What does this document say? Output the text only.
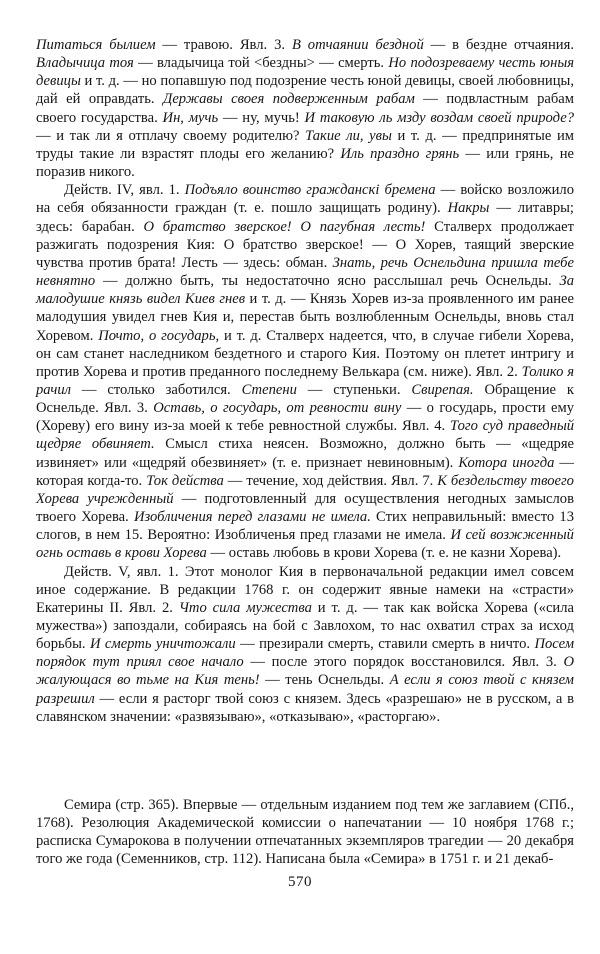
Питаться былием — травою. Явл. 3. В отчаянии бездной — в бездне отчаяния. Владычица тоя — владычица той <бездны> — смерть. Но подозреваему честь юныя девицы и т. д. — но попавшую под подозрение честь юной девицы, своей любовницы, дай ей оправдать. Державы своея подверженным рабам — подвластным рабам своего государства. Ин, мучь — ну, мучь! И таковую ль мзду воздам своей природе? — и так ли я отплачу своему родителю? Такие ли, увы и т. д. — предпринятые им труды такие ли взрастят плоды его желанию? Иль праздно грянь — или грянь, не поразив никого.

Действ. IV, явл. 1. Подъяло воинство гражданскі бремена — войско возложило на себя обязанности граждан (т. е. пошло защищать родину). Накры — литавры; здесь: барабан. О братство зверское! О пагубная лесть! Сталверх продолжает разжигать подозрения Кия: О братство зверское! — О Хорев, таящий зверские чувства против брата! Лесть — здесь: обман. Знать, речь Оснельдина пришла тебе невнятно — должно быть, ты недостаточно ясно расслышал речь Оснельды. За малодушие князь видел Киев гнев и т. д. — Князь Хорев из-за проявленного им ранее малодушия увидел гнев Кия и, перестав быть возлюбленным Оснельды, вновь стал Хоревом. Почто, о государь, и т. д. Сталверх надеется, что, в случае гибели Хорева, он сам станет наследником бездетного и старого Кия. Поэтому он плетет интригу и против Хорева и против преданного последнему Велькара (см. ниже). Явл. 2. Толико я рачил — столько заботился. Степени — ступеньки. Свирепая. Обращение к Оснельде. Явл. 3. Оставь, о государь, от ревности вину — о государь, прости ему (Хореву) его вину из-за моей к тебе ревностной службы. Явл. 4. Того суд праведный щедряе обвиняет. Смысл стиха неясен. Возможно, должно быть — «щедряе извиняет» или «щедряй обезвиняет» (т. е. признает невиновным). Котора иногда — которая когда-то. Ток действа — течение, ход действия. Явл. 7. К бездельству твоего Хорева учрежденный — подготовленный для осуществления негодных замыслов твоего Хорева. Изобличения перед глазами не имела. Стих неправильный: вместо 13 слогов, в нем 15. Вероятно: Изобличенья пред глазами не имела. И сей возжженный огнь оставь в крови Хорева — оставь любовь в крови Хорева (т. е. не казни Хорева).

Действ. V, явл. 1. Этот монолог Кия в первоначальной редакции имел совсем иное содержание. В редакции 1768 г. он содержит явные намеки на «страсти» Екатерины II. Явл. 2. Что сила мужества и т. д. — так как войска Хорева («сила мужества») запоздали, собираясь на бой с Завлохом, то нас охватил страх за исход борьбы. И смерть уничтожали — презирали смерть, ставили смерть в ничто. Посем порядок тут приял свое начало — после этого порядок восстановился. Явл. 3. О жалующася во тьме на Кия тень! — тень Оснельды. А если я союз твой с князем разрешил — если я расторг твой союз с князем. Здесь «разрешаю» не в русском, а в славянском значении: «развязываю», «отказываю», «расторгаю».

Семира (стр. 365). Впервые — отдельным изданием под тем же заглавием (СПб., 1768). Резолюция Академической комиссии о напечатании — 10 ноября 1768 г.; расписка Сумарокова в получении отпечатанных экземпляров трагедии — 20 декабря того же года (Семенников, стр. 112). Написана была «Семира» в 1751 г. и 21 декаб-

570
